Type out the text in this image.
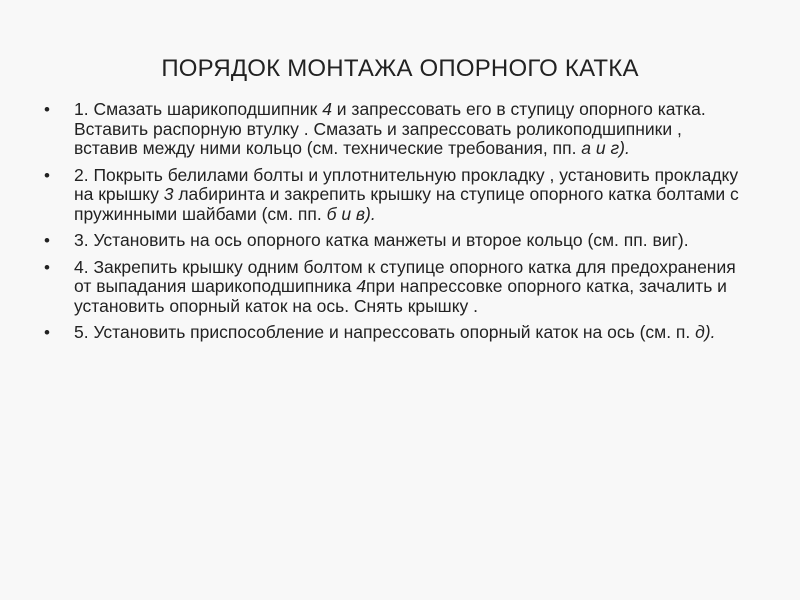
ПОРЯДОК МОНТАЖА ОПОРНОГО КАТКА
•	1. Смазать шарикоподшипник 4 и запрессовать его в ступицу опорного катка. Вставить распорную втулку . Смазать и запрессовать роликоподшипники , вставив между ними кольцо (см. технические требования, пп. а и г).
•	2. Покрыть белилами болты и уплотнительную прокладку , установить прокладку на крышку 3 лабиринта и закрепить крышку на ступице опорного катка болтами с пружинными шайбами (см. пп. б и в).
•	3. Установить на ось опорного катка манжеты и второе кольцо (см. пп. виг).
•	4. Закрепить крышку одним болтом к ступице опорного катка для предохранения от выпадания шарикоподшипника 4при напрессовке опорного катка, зачалить и установить опорный каток на ось. Снять крышку .
•	5. Установить приспособление и напрессовать опорный каток на ось (см. п. д).
